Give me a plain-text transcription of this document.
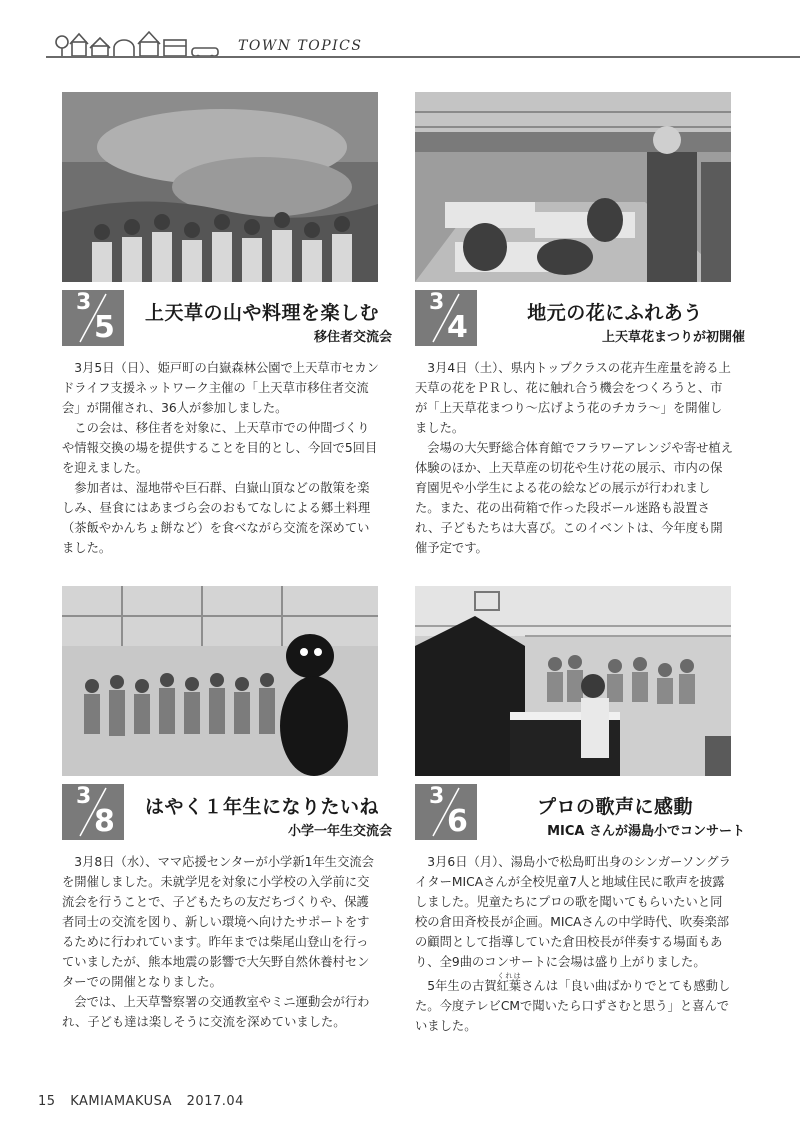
TOWN TOPICS
3
5	上天草の山や料理を楽しむ
移住者交流会

3月5日（日）、姫戸町の白嶽森林公園で上天草市セカンドライフ支援ネットワーク主催の「上天草市移住者交流会」が開催され、36人が参加しました。

この会は、移住者を対象に、上天草市での仲間づくりや情報交換の場を提供することを目的とし、今回で5回目を迎えました。

参加者は、湿地帯や巨石群、白嶽山頂などの散策を楽しみ、昼食にはあまづら会のおもてなしによる郷土料理（茶飯やかんちょ餅など）を食べながら交流を深めていました。

3
4	地元の花にふれあう
上天草花まつりが初開催

3月4日（土）、県内トップクラスの花卉生産量を誇る上天草の花をＰＲし、花に触れ合う機会をつくろうと、市が「上天草花まつり～広げよう花のチカラ～」を開催しました。

会場の大矢野総合体育館でフラワーアレンジや寄せ植え体験のほか、上天草産の切花や生け花の展示、市内の保育園児や小学生による花の絵などの展示が行われました。また、花の出荷箱で作った段ボール迷路も設置され、子どもたちは大喜び。このイベントは、今年度も開催予定です。

3
8	はやく１年生になりたいね
小学一年生交流会

3月8日（水）、ママ応援センターが小学新1年生交流会を開催しました。未就学児を対象に小学校の入学前に交流会を行うことで、子どもたちの友だちづくりや、保護者同士の交流を図り、新しい環境へ向けたサポートをするために行われています。昨年までは柴尾山登山を行っていましたが、熊本地震の影響で大矢野自然休養村センターでの開催となりました。

会では、上天草警察署の交通教室やミニ運動会が行われ、子ども達は楽しそうに交流を深めていました。

3
6	プロの歌声に感動
MICA さんが湯島小でコンサート

3月6日（月）、湯島小で松島町出身のシンガーソングライターMICAさんが全校児童7人と地域住民に歌声を披露しました。児童たちにプロの歌を聞いてもらいたいと同校の倉田斉校長が企画。MICAさんの中学時代、吹奏楽部の顧問として指導していた倉田校長が伴奏する場面もあり、全9曲のコンサートに会場は盛り上がりました。

5年生の古賀紅葉くれはさんは「良い曲ばかりでとても感動した。今度テレビCMで聞いたら口ずさむと思う」と喜んでいました。

15 KAMIAMAKUSA 2017.04
